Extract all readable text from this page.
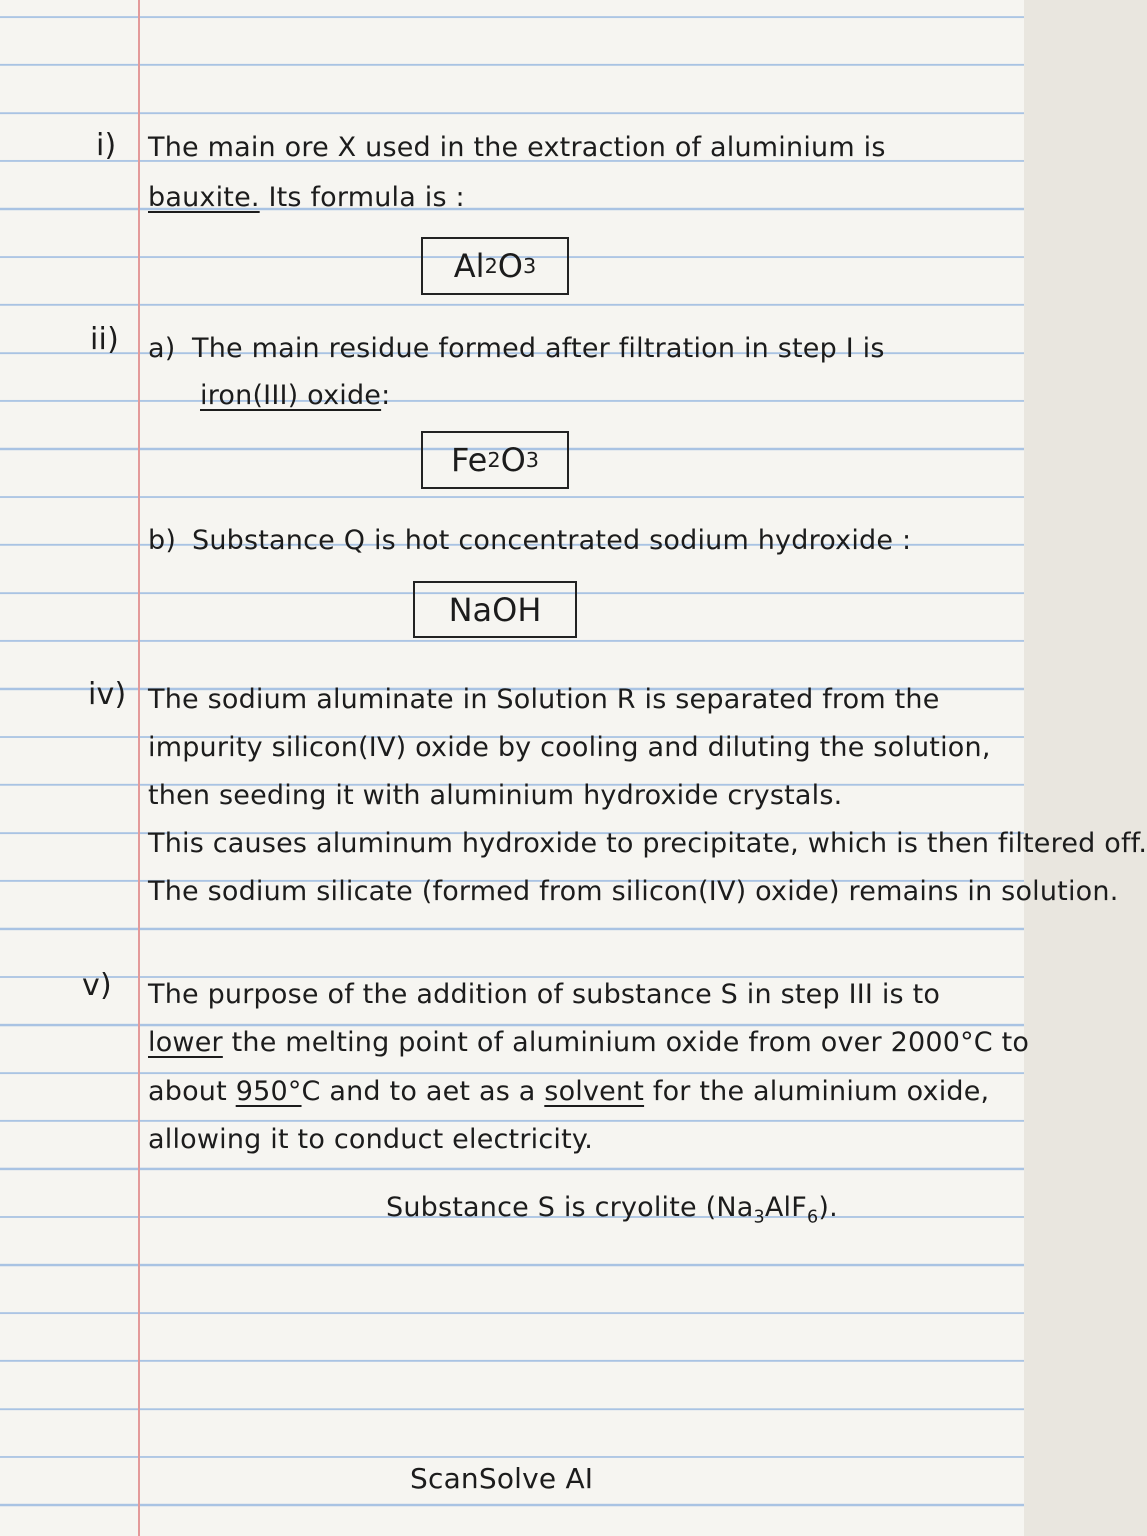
i) The main ore X used in the extraction of aluminium is
bauxite. Its formula is :
Al 2 O 3
ii) a) The main residue formed after filtration in step I is
iron(III) oxide:
Fe 2 O 3
b) Substance Q is hot concentrated sodium hydroxide :
NaOH
iv) The sodium aluminate in Solution R is separated from the
impurity silicon(IV) oxide by cooling and diluting the solution,
then seeding it with aluminium hydroxide crystals.
This causes aluminum hydroxide to precipitate, which is then filtered off.
The sodium silicate (formed from silicon(IV) oxide) remains in solution.
v) The purpose of the addition of substance S in step III is to
lower the melting point of aluminium oxide from over 2000°C to
about 950°C and to aet as a solvent for the aluminium oxide,
allowing it to conduct electricity.
Substance S is cryolite $(Na_3AlF_6)$.
ScanSolve AI
